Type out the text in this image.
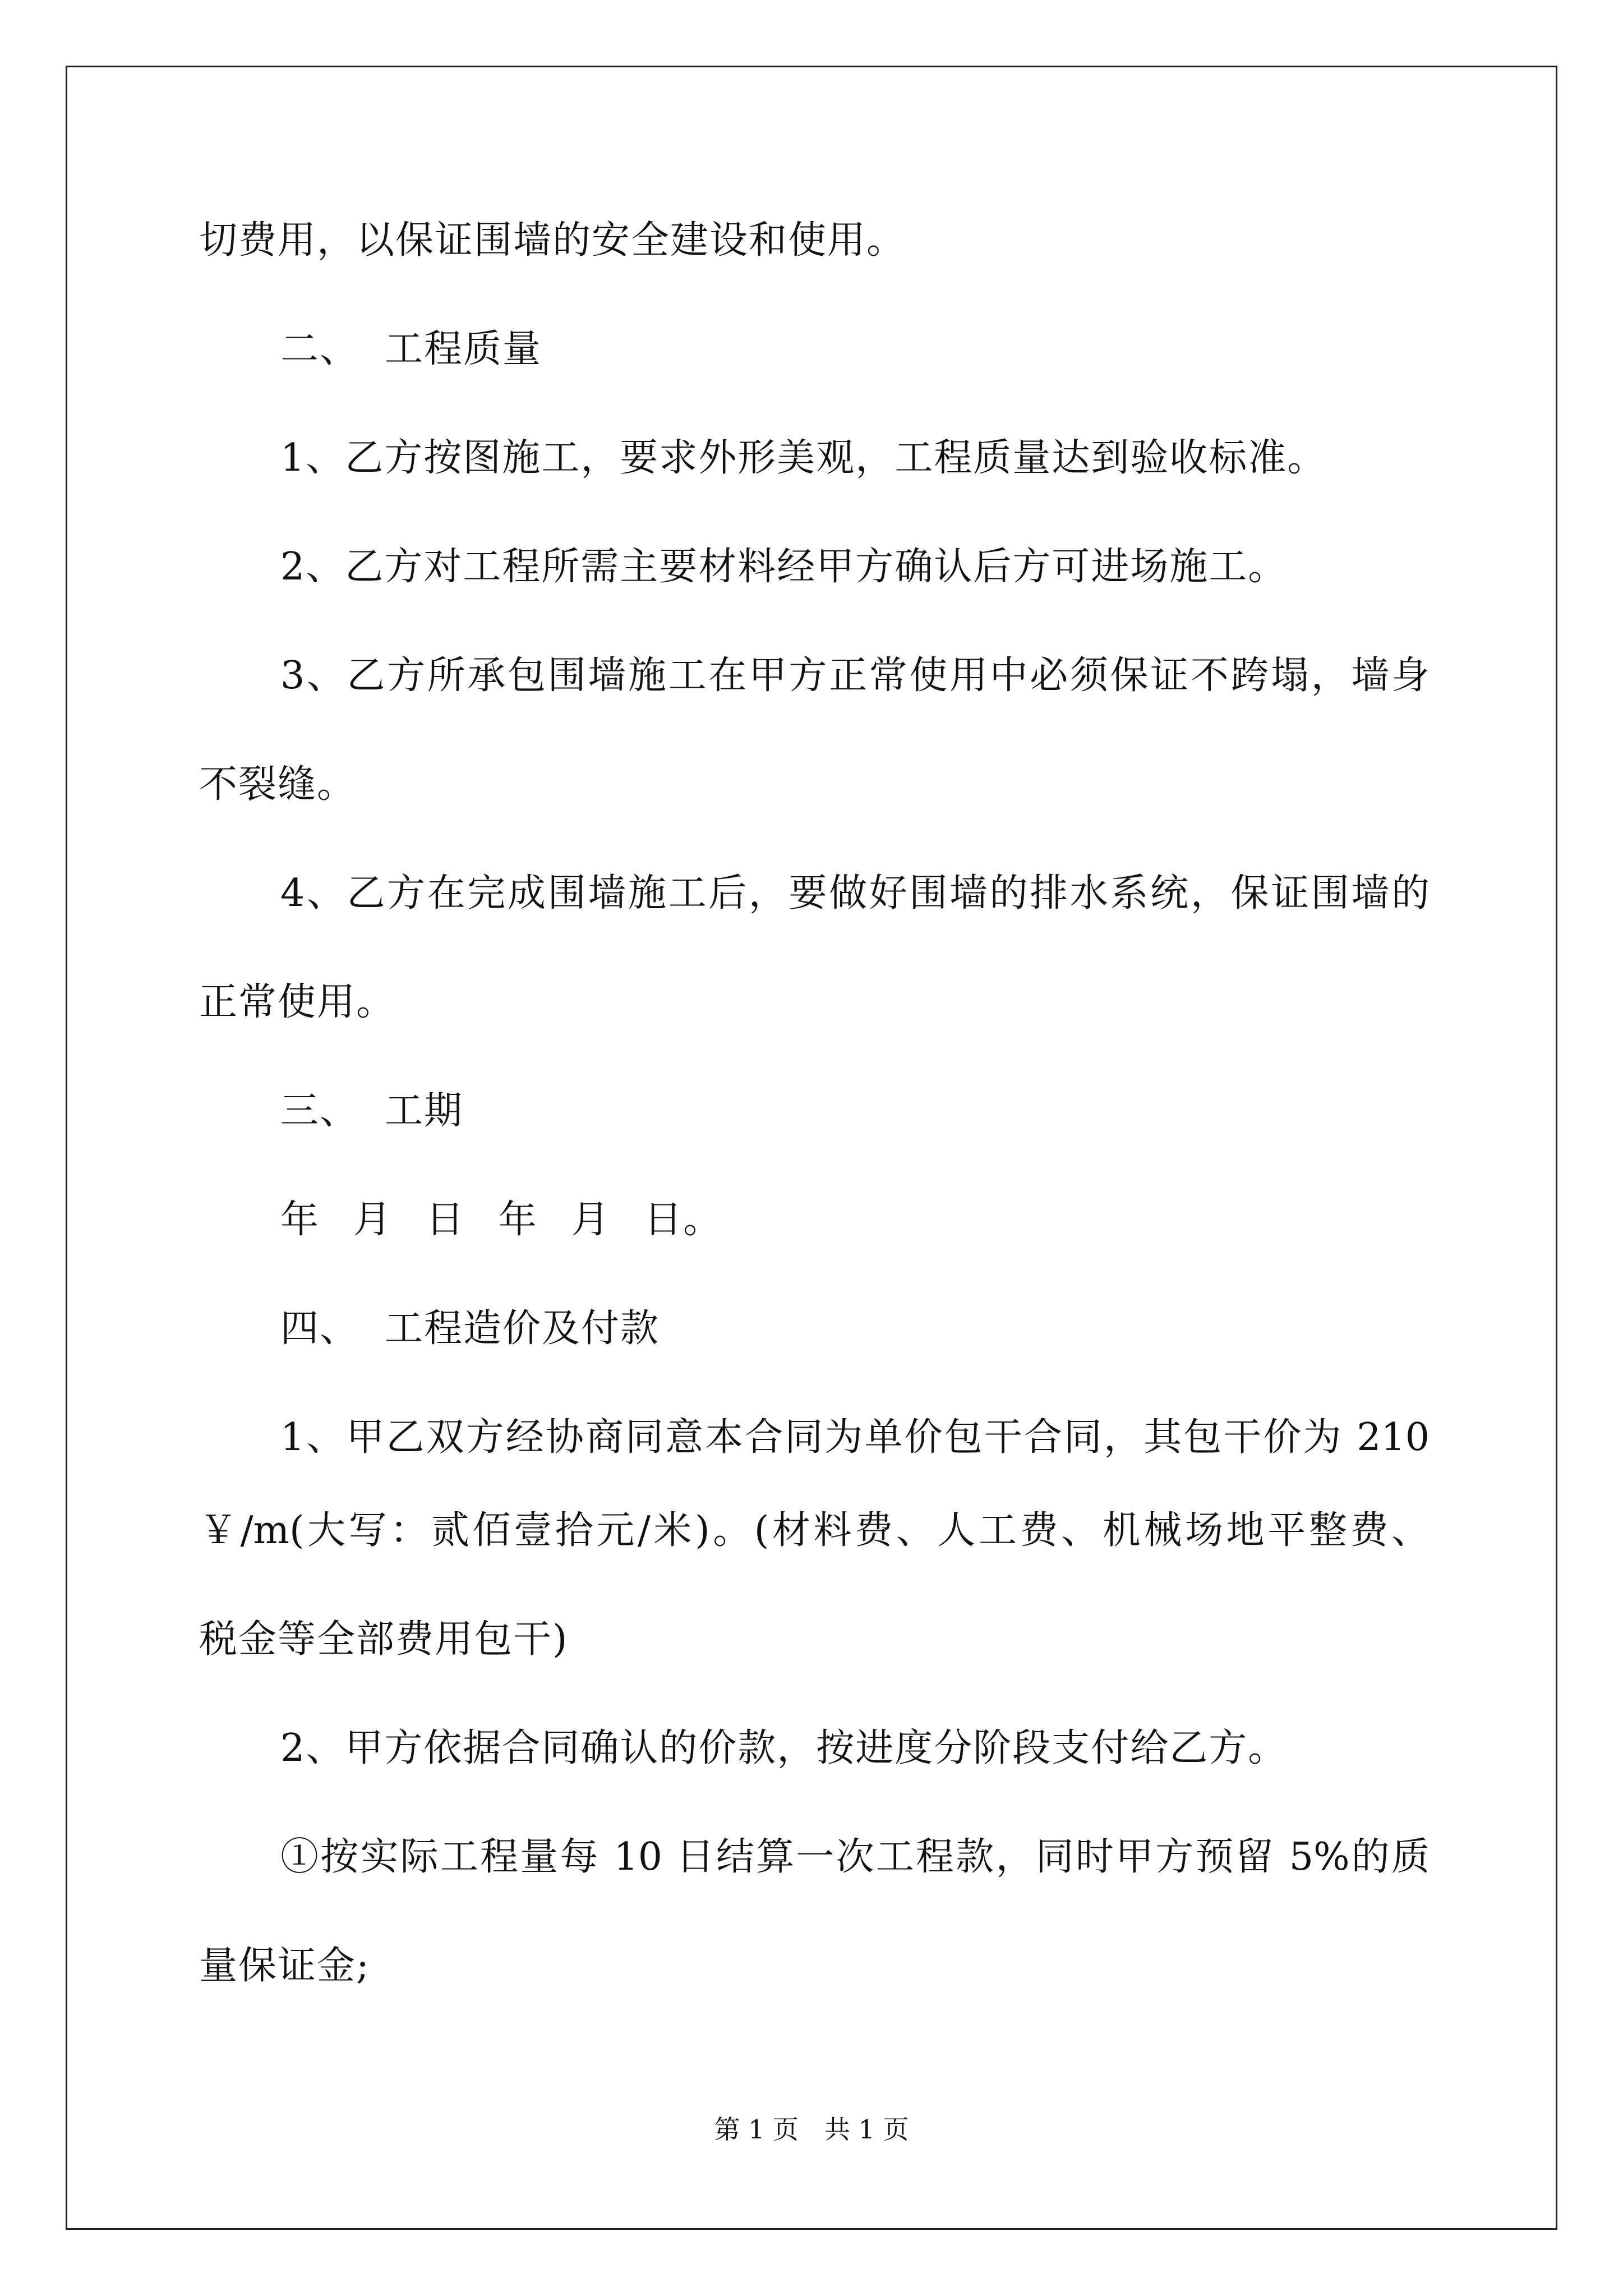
切费用，以保证围墙的安全建设和使用。
二、 工程质量
1、乙方按图施工，要求外形美观，工程质量达到验收标准。
2、乙方对工程所需主要材料经甲方确认后方可进场施工。
3、乙方所承包围墙施工在甲方正常使用中必须保证不跨塌，墙身
不裂缝。
4、乙方在完成围墙施工后，要做好围墙的排水系统，保证围墙的
正常使用。
三、 工期
年 月 日 年 月 日。
四、 工程造价及付款
1、甲乙双方经协商同意本合同为单价包干合同，其包干价为 210
￥/m(大写：贰佰壹拾元/米)。(材料费、人工费、机械场地平整费、
税金等全部费用包干)
2、甲方依据合同确认的价款，按进度分阶段支付给乙方。
①按实际工程量每 10 日结算一次工程款，同时甲方预留 5%的质
量保证金;
第 1 页 共 1 页
